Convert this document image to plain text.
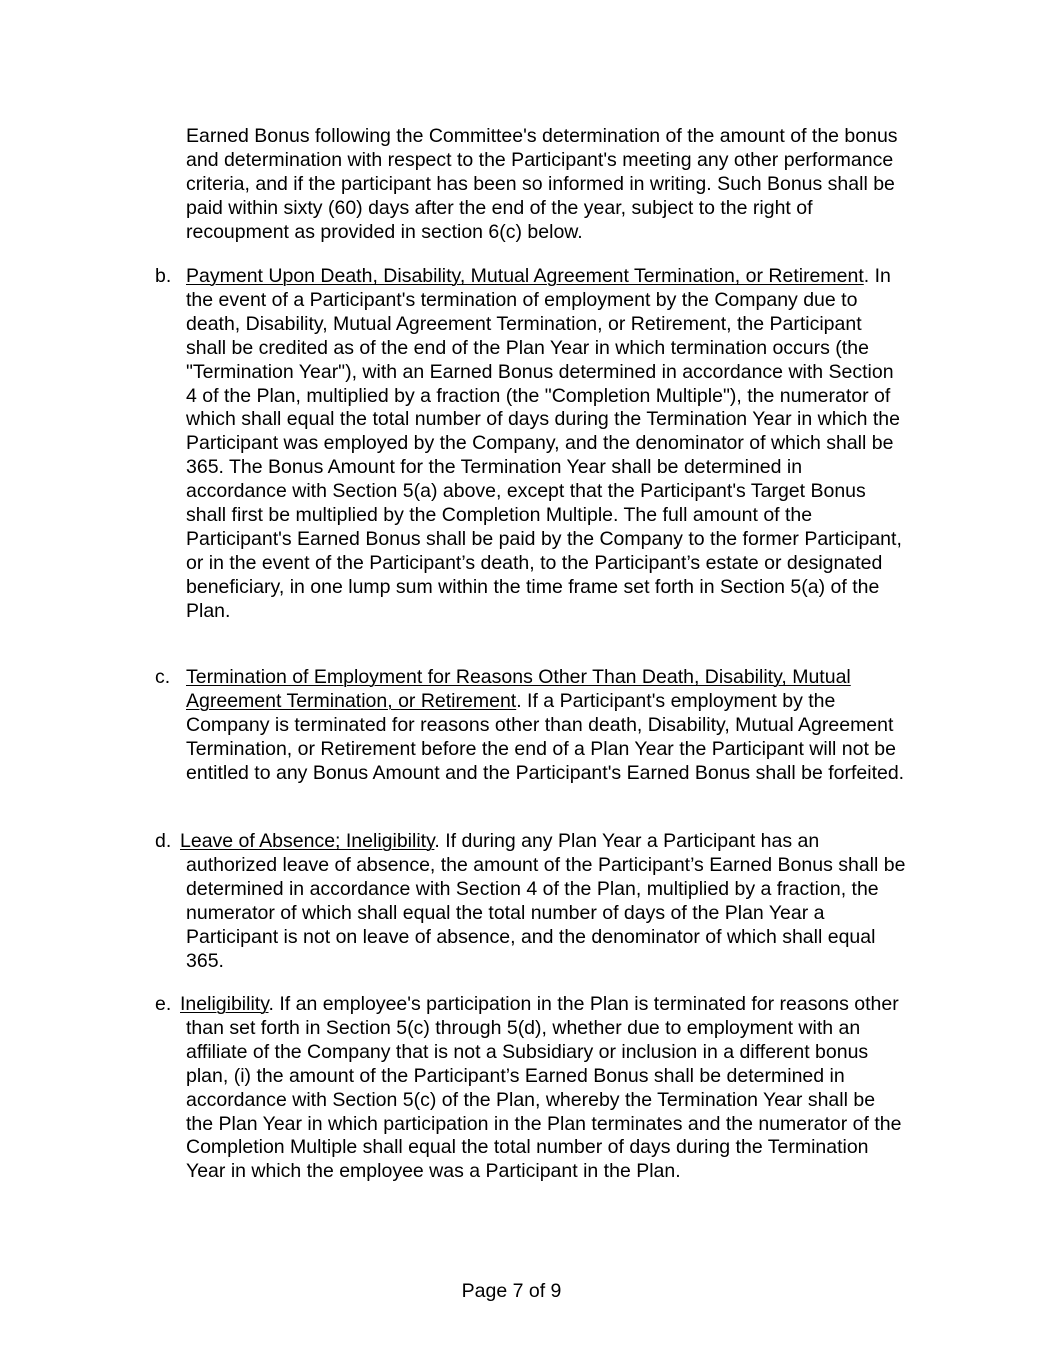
Earned Bonus following the Committee's determination of the amount of the bonus and determination with respect to the Participant's meeting any other performance criteria, and if the participant has been so informed in writing. Such Bonus shall be paid within sixty (60) days after the end of the year, subject to the right of recoupment as provided in section 6(c) below.

b. Payment Upon Death, Disability, Mutual Agreement Termination, or Retirement. In the event of a Participant's termination of employment by the Company due to death, Disability, Mutual Agreement Termination, or Retirement, the Participant shall be credited as of the end of the Plan Year in which termination occurs (the "Termination Year"), with an Earned Bonus determined in accordance with Section 4 of the Plan, multiplied by a fraction (the "Completion Multiple"), the numerator of which shall equal the total number of days during the Termination Year in which the Participant was employed by the Company, and the denominator of which shall be 365. The Bonus Amount for the Termination Year shall be determined in accordance with Section 5(a) above, except that the Participant's Target Bonus shall first be multiplied by the Completion Multiple. The full amount of the Participant's Earned Bonus shall be paid by the Company to the former Participant, or in the event of the Participant’s death, to the Participant’s estate or designated beneficiary, in one lump sum within the time frame set forth in Section 5(a) of the Plan.

c. Termination of Employment for Reasons Other Than Death, Disability, Mutual Agreement Termination, or Retirement. If a Participant's employment by the Company is terminated for reasons other than death, Disability, Mutual Agreement Termination, or Retirement before the end of a Plan Year the Participant will not be entitled to any Bonus Amount and the Participant's Earned Bonus shall be forfeited.

d. Leave of Absence; Ineligibility. If during any Plan Year a Participant has an authorized leave of absence, the amount of the Participant’s Earned Bonus shall be determined in accordance with Section 4 of the Plan, multiplied by a fraction, the numerator of which shall equal the total number of days of the Plan Year a Participant is not on leave of absence, and the denominator of which shall equal 365.

e. Ineligibility. If an employee's participation in the Plan is terminated for reasons other than set forth in Section 5(c) through 5(d), whether due to employment with an affiliate of the Company that is not a Subsidiary or inclusion in a different bonus plan, (i) the amount of the Participant’s Earned Bonus shall be determined in accordance with Section 5(c) of the Plan, whereby the Termination Year shall be the Plan Year in which participation in the Plan terminates and the numerator of the Completion Multiple shall equal the total number of days during the Termination Year in which the employee was a Participant in the Plan.

Page 7 of 9
